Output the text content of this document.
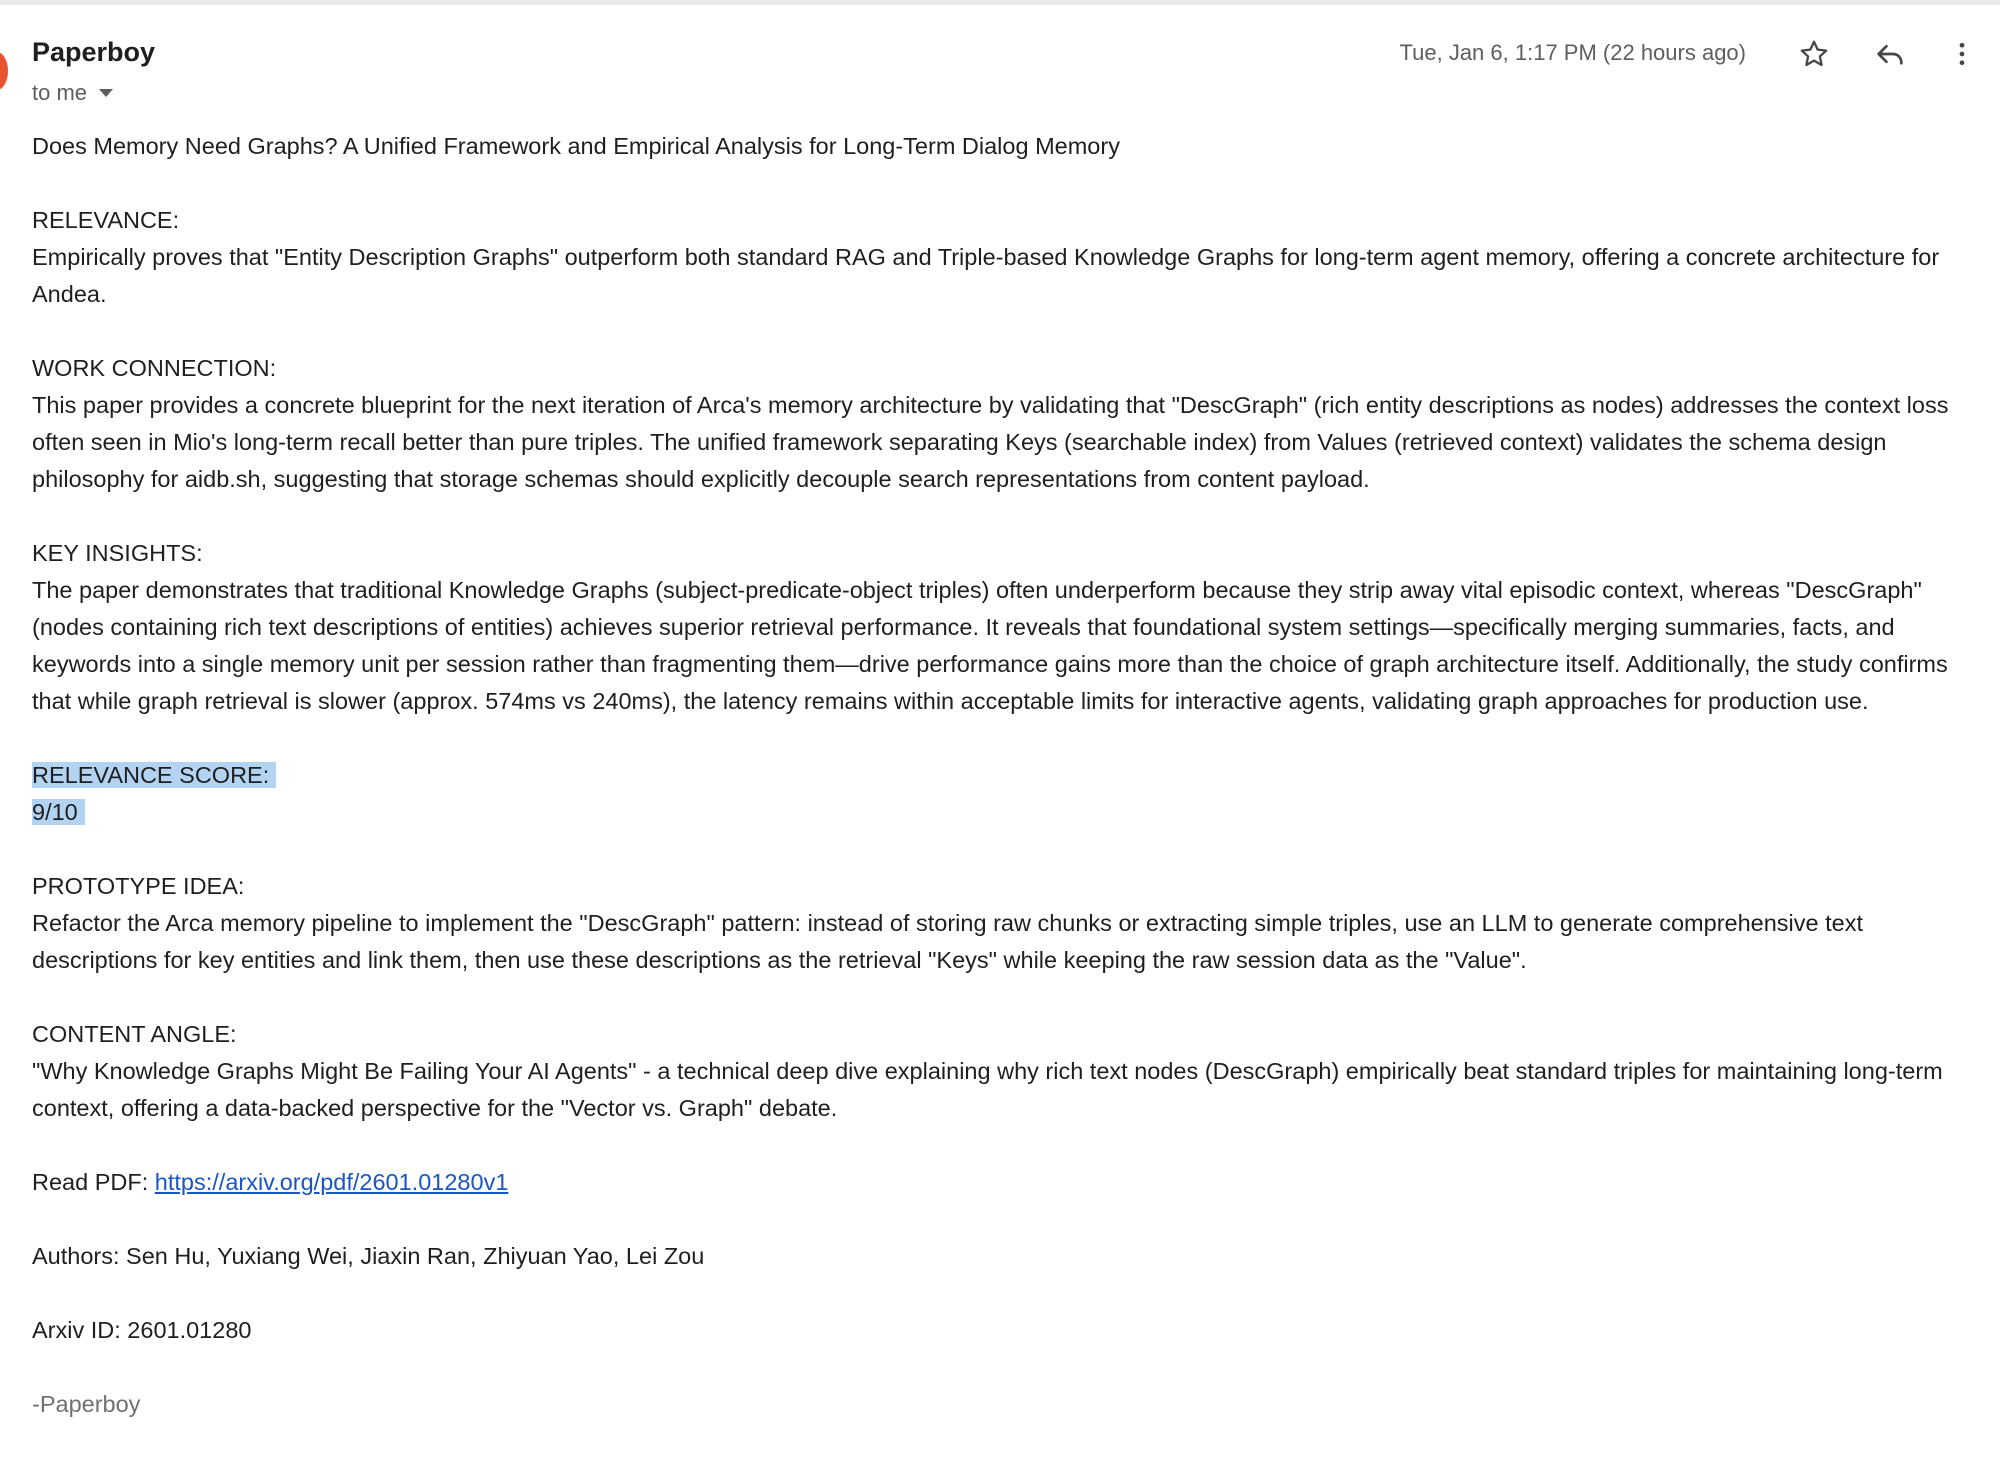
Paperboy
to me
Tue, Jan 6, 1:17 PM (22 hours ago)

Does Memory Need Graphs? A Unified Framework and Empirical Analysis for Long-Term Dialog Memory

RELEVANCE:

Empirically proves that "Entity Description Graphs" outperform both standard RAG and Triple-based Knowledge Graphs for long-term agent memory, offering a concrete architecture for Andea.

WORK CONNECTION:

This paper provides a concrete blueprint for the next iteration of Arca's memory architecture by validating that "DescGraph" (rich entity descriptions as nodes) addresses the context loss often seen in Mio's long-term recall better than pure triples. The unified framework separating Keys (searchable index) from Values (retrieved context) validates the schema design philosophy for aidb.sh, suggesting that storage schemas should explicitly decouple search representations from content payload.

KEY INSIGHTS:

The paper demonstrates that traditional Knowledge Graphs (subject-predicate-object triples) often underperform because they strip away vital episodic context, whereas "DescGraph" (nodes containing rich text descriptions of entities) achieves superior retrieval performance. It reveals that foundational system settings—specifically merging summaries, facts, and keywords into a single memory unit per session rather than fragmenting them—drive performance gains more than the choice of graph architecture itself. Additionally, the study confirms that while graph retrieval is slower (approx. 574ms vs 240ms), the latency remains within acceptable limits for interactive agents, validating graph approaches for production use.

RELEVANCE SCORE:

9/10

PROTOTYPE IDEA:

Refactor the Arca memory pipeline to implement the "DescGraph" pattern: instead of storing raw chunks or extracting simple triples, use an LLM to generate comprehensive text descriptions for key entities and link them, then use these descriptions as the retrieval "Keys" while keeping the raw session data as the "Value".

CONTENT ANGLE:

"Why Knowledge Graphs Might Be Failing Your AI Agents" - a technical deep dive explaining why rich text nodes (DescGraph) empirically beat standard triples for maintaining long-term context, offering a data-backed perspective for the "Vector vs. Graph" debate.

Read PDF: https://arxiv.org/pdf/2601.01280v1

Authors: Sen Hu, Yuxiang Wei, Jiaxin Ran, Zhiyuan Yao, Lei Zou

Arxiv ID: 2601.01280

-Paperboy
